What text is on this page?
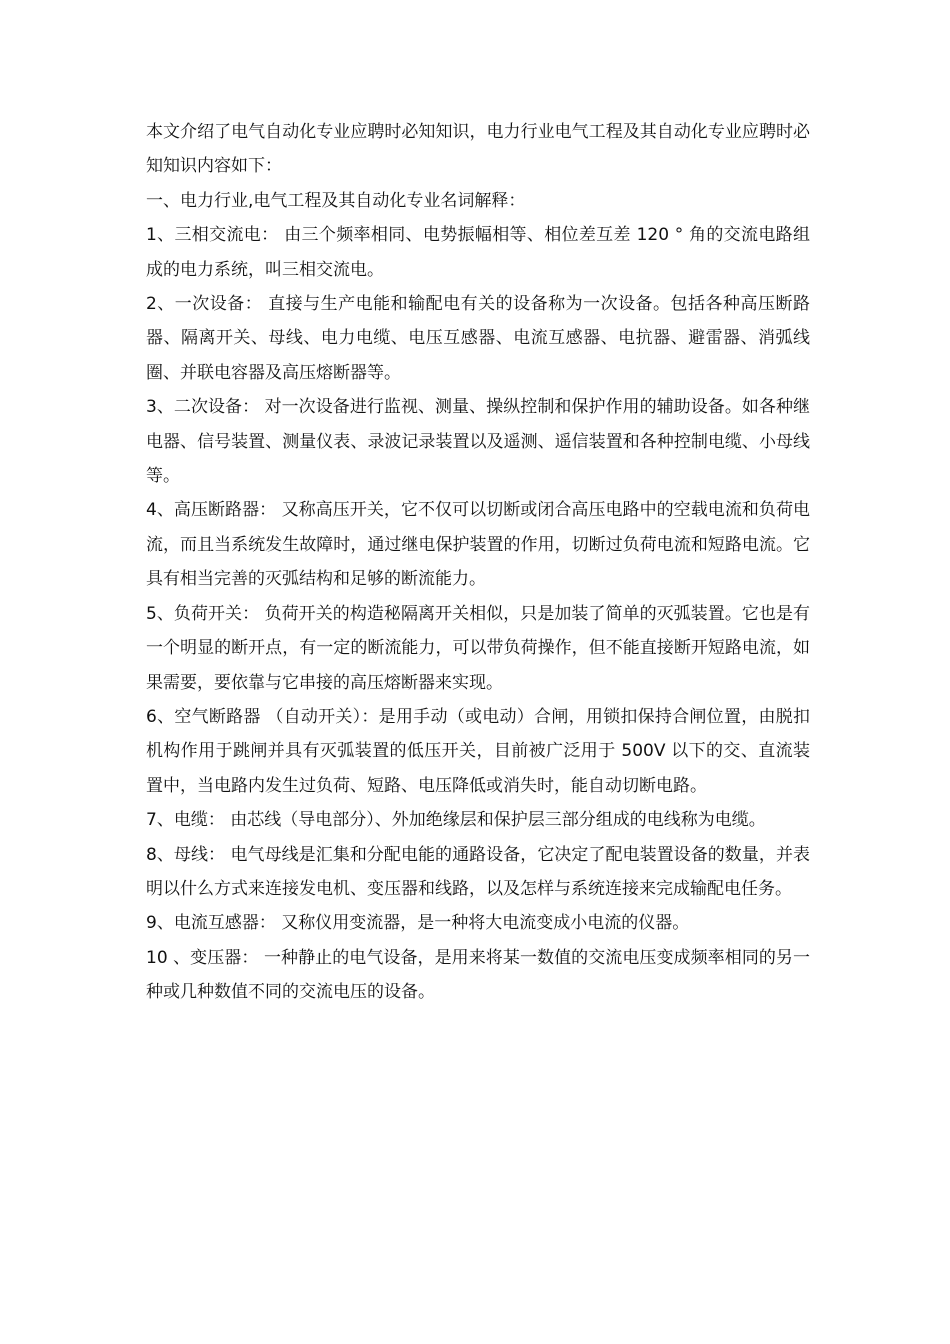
本文介绍了电气自动化专业应聘时必知知识，电力行业电气工程及其自动化专业应聘时必知知识内容如下：

一、电力行业,电气工程及其自动化专业名词解释：

1、三相交流电： 由三个频率相同、电势振幅相等、相位差互差 120 ° 角的交流电路组成的电力系统，叫三相交流电。

2、一次设备： 直接与生产电能和输配电有关的设备称为一次设备。包括各种高压断路器、隔离开关、母线、电力电缆、电压互感器、电流互感器、电抗器、避雷器、消弧线圈、并联电容器及高压熔断器等。

3、二次设备： 对一次设备进行监视、测量、操纵控制和保护作用的辅助设备。如各种继电器、信号装置、测量仪表、录波记录装置以及遥测、遥信装置和各种控制电缆、小母线等。

4、高压断路器： 又称高压开关，它不仅可以切断或闭合高压电路中的空载电流和负荷电流，而且当系统发生故障时，通过继电保护装置的作用，切断过负荷电流和短路电流。它具有相当完善的灭弧结构和足够的断流能力。

5、负荷开关： 负荷开关的构造秘隔离开关相似，只是加装了简单的灭弧装置。它也是有一个明显的断开点，有一定的断流能力，可以带负荷操作，但不能直接断开短路电流，如果需要，要依靠与它串接的高压熔断器来实现。

6、空气断路器 （自动开关）：是用手动（或电动）合闸，用锁扣保持合闸位置，由脱扣机构作用于跳闸并具有灭弧装置的低压开关，目前被广泛用于 500V 以下的交、直流装置中，当电路内发生过负荷、短路、电压降低或消失时，能自动切断电路。

7、电缆： 由芯线（导电部分）、外加绝缘层和保护层三部分组成的电线称为电缆。

8、母线： 电气母线是汇集和分配电能的通路设备，它决定了配电装置设备的数量，并表明以什么方式来连接发电机、变压器和线路，以及怎样与系统连接来完成输配电任务。

9、电流互感器： 又称仪用变流器，是一种将大电流变成小电流的仪器。

10 、变压器： 一种静止的电气设备，是用来将某一数值的交流电压变成频率相同的另一种或几种数值不同的交流电压的设备。
